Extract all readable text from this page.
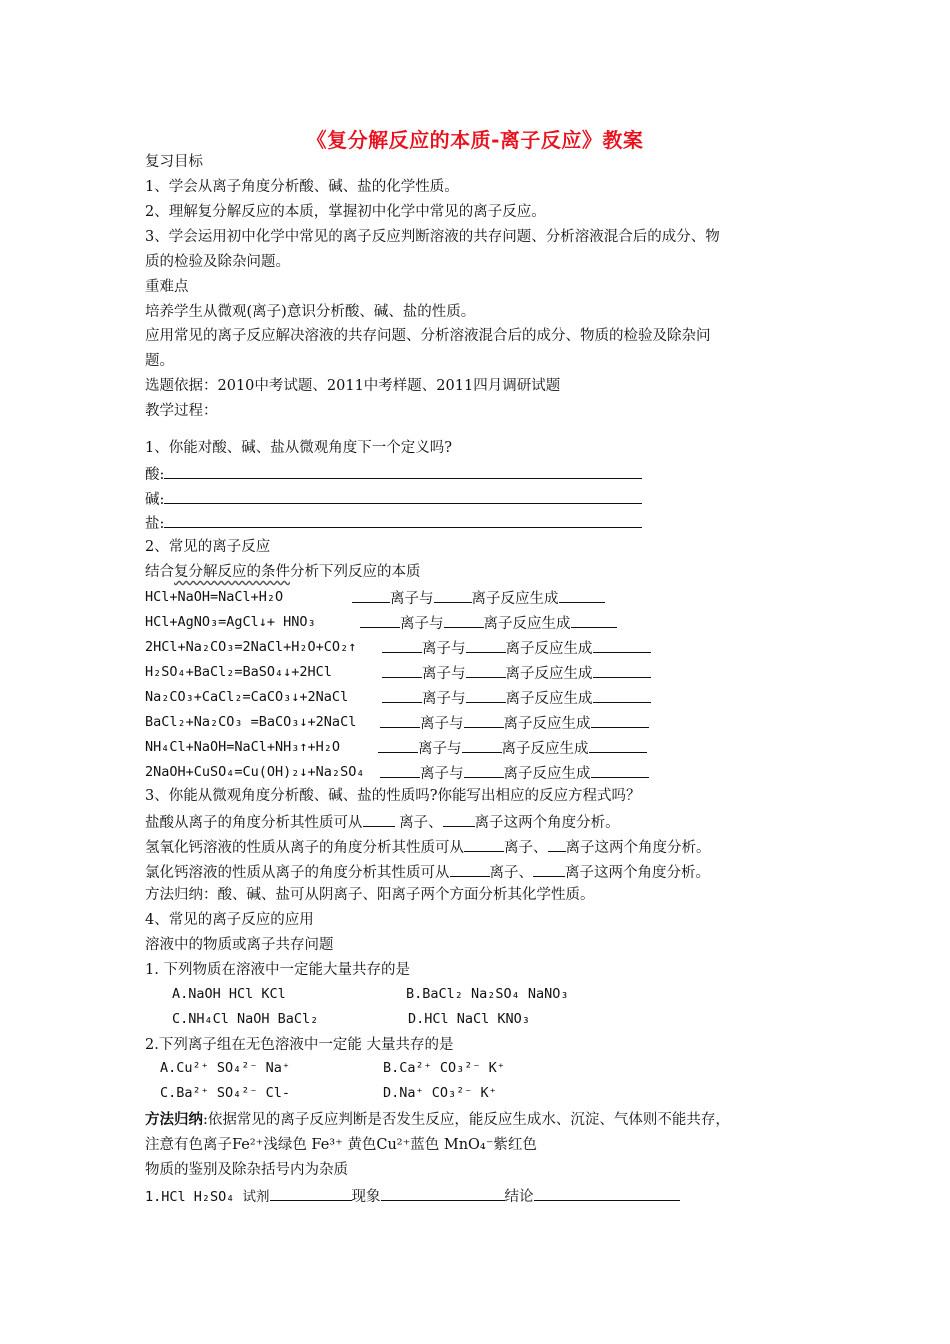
《复分解反应的本质-离子反应》教案
复习目标
1、学会从离子角度分析酸、碱、盐的化学性质。
2、理解复分解反应的本质，掌握初中化学中常见的离子反应。
3、学会运用初中化学中常见的离子反应判断溶液的共存问题、分析溶液混合后的成分、物
质的检验及除杂问题。
重难点
培养学生从微观(离子)意识分析酸、碱、盐的性质。
应用常见的离子反应解决溶液的共存问题、分析溶液混合后的成分、物质的检验及除杂问
题。
选题依据：2010中考试题、2011中考样题、2011四月调研试题
教学过程：
1、你能对酸、碱、盐从微观角度下一个定义吗?
酸:
碱:
盐:
2、常见的离子反应
结合复分解反应的条件分析下列反应的本质
HCl+NaOH=NaCl+H₂O	离子与	离子反应生成
HCl+AgNO₃=AgCl↓+ HNO₃	离子与	离子反应生成
2HCl+Na₂CO₃=2NaCl+H₂O+CO₂↑	离子与	离子反应生成
H₂SO₄+BaCl₂=BaSO₄↓+2HCl	离子与	离子反应生成
Na₂CO₃+CaCl₂=CaCO₃↓+2NaCl	离子与	离子反应生成
BaCl₂+Na₂CO₃ =BaCO₃↓+2NaCl	离子与	离子反应生成
NH₄Cl+NaOH=NaCl+NH₃↑+H₂O	离子与	离子反应生成
2NaOH+CuSO₄=Cu(OH)₂↓+Na₂SO₄	离子与	离子反应生成
3、你能从微观角度分析酸、碱、盐的性质吗?你能写出相应的反应方程式吗？
盐酸从离子的角度分析其性质可从 离子、 离子这两个角度分析。
氢氧化钙溶液的性质从离子的角度分析其性质可从	离子、 离子这两个角度分析。
氯化钙溶液的性质从离子的角度分析其性质可从	离子、 离子这两个角度分析。
方法归纳：酸、碱、盐可从阴离子、阳离子两个方面分析其化学性质。
4、常见的离子反应的应用
溶液中的物质或离子共存问题
1. 下列物质在溶液中一定能大量共存的是
A.NaOH HCl KCl	B.BaCl₂ Na₂SO₄ NaNO₃
C.NH₄Cl NaOH BaCl₂	D.HCl NaCl KNO₃
2.下列离子组在无色溶液中一定能 大量共存的是
A.Cu²⁺ SO₄²⁻ Na⁺	B.Ca²⁺ CO₃²⁻ K⁺
C.Ba²⁺ SO₄²⁻ Cl-	D.Na⁺ CO₃²⁻ K⁺
方法归纳:依据常见的离子反应判断是否发生反应，能反应生成水、沉淀、气体则不能共存，
注意有色离子Fe²⁺浅绿色 Fe³⁺ 黄色Cu²⁺蓝色 MnO₄⁻紫红色
物质的鉴别及除杂括号内为杂质
1.HCl H₂SO₄ 试剂	现象	结论
